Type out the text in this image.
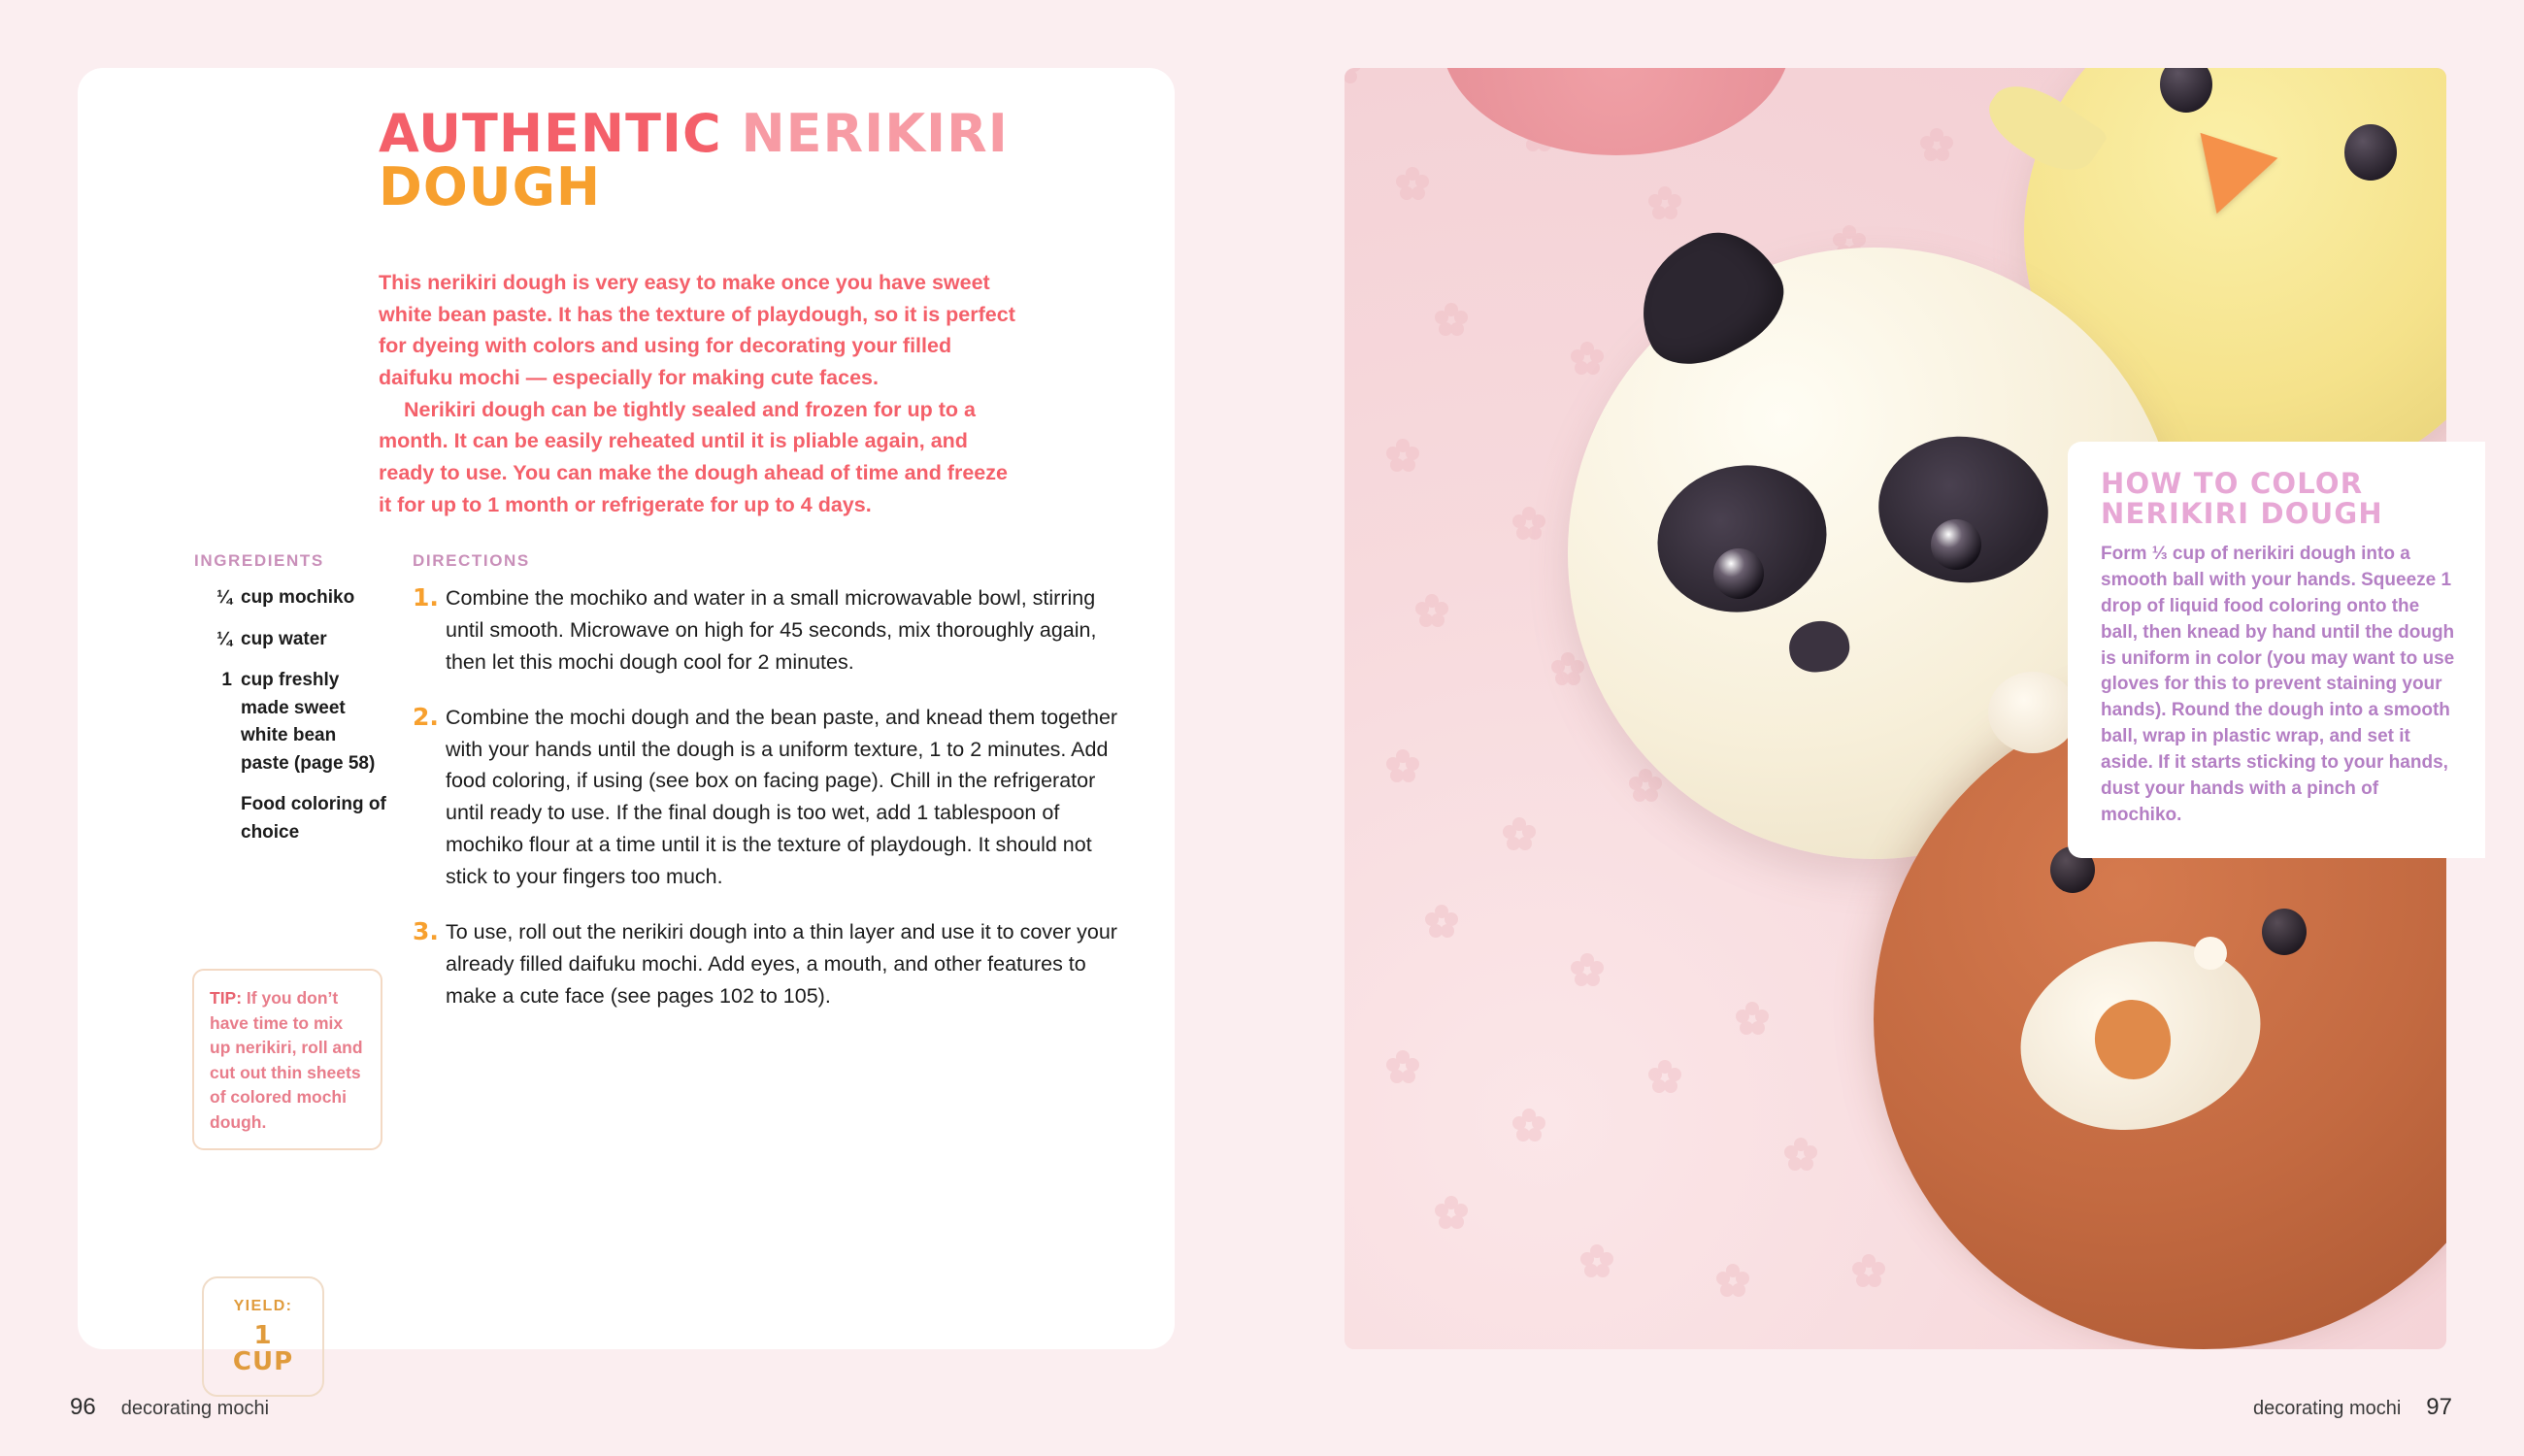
AUTHENTIC NERIKIRI
DOUGH

This nerikiri dough is very easy to make once you have sweet white bean paste. It has the texture of playdough, so it is perfect for dyeing with colors and using for decorating your filled daifuku mochi — especially for making cute faces.

Nerikiri dough can be tightly sealed and frozen for up to a month. It can be easily reheated until it is pliable again, and ready to use. You can make the dough ahead of time and freeze it for up to 1 month or refrigerate for up to 4 days.

INGREDIENTS
¼ cup mochiko
¼ cup water
1 cup freshly made sweet white bean paste (page 58)
Food coloring of choice
DIRECTIONS
1. Combine the mochiko and water in a small microwavable bowl, stirring until smooth. Microwave on high for 45 seconds, mix thoroughly again, then let this mochi dough cool for 2 minutes.
2. Combine the mochi dough and the bean paste, and knead them together with your hands until the dough is a uniform texture, 1 to 2 minutes. Add food coloring, if using (see box on facing page). Chill in the refrigerator until ready to use. If the final dough is too wet, add 1 tablespoon of mochiko flour at a time until it is the texture of playdough. It should not stick to your fingers too much.
3. To use, roll out the nerikiri dough into a thin layer and use it to cover your already filled daifuku mochi. Add eyes, a mouth, and other features to make a cute face (see pages 102 to 105).
TIP: If you don’t have time to mix up nerikiri, roll and cut out thin sheets of colored mochi dough.
YIELD:
1
CUP
HOW TO COLOR
NERIKIRI DOUGH
Form ⅓ cup of nerikiri dough into a smooth ball with your hands. Squeeze 1 drop of liquid food coloring onto the ball, then knead by hand until the dough is uniform in color (you may want to use gloves for this to prevent staining your hands). Round the dough into a smooth ball, wrap in plastic wrap, and set it aside. If it starts sticking to your hands, dust your hands with a pinch of mochiko.
96 decorating mochi	decorating mochi 97
